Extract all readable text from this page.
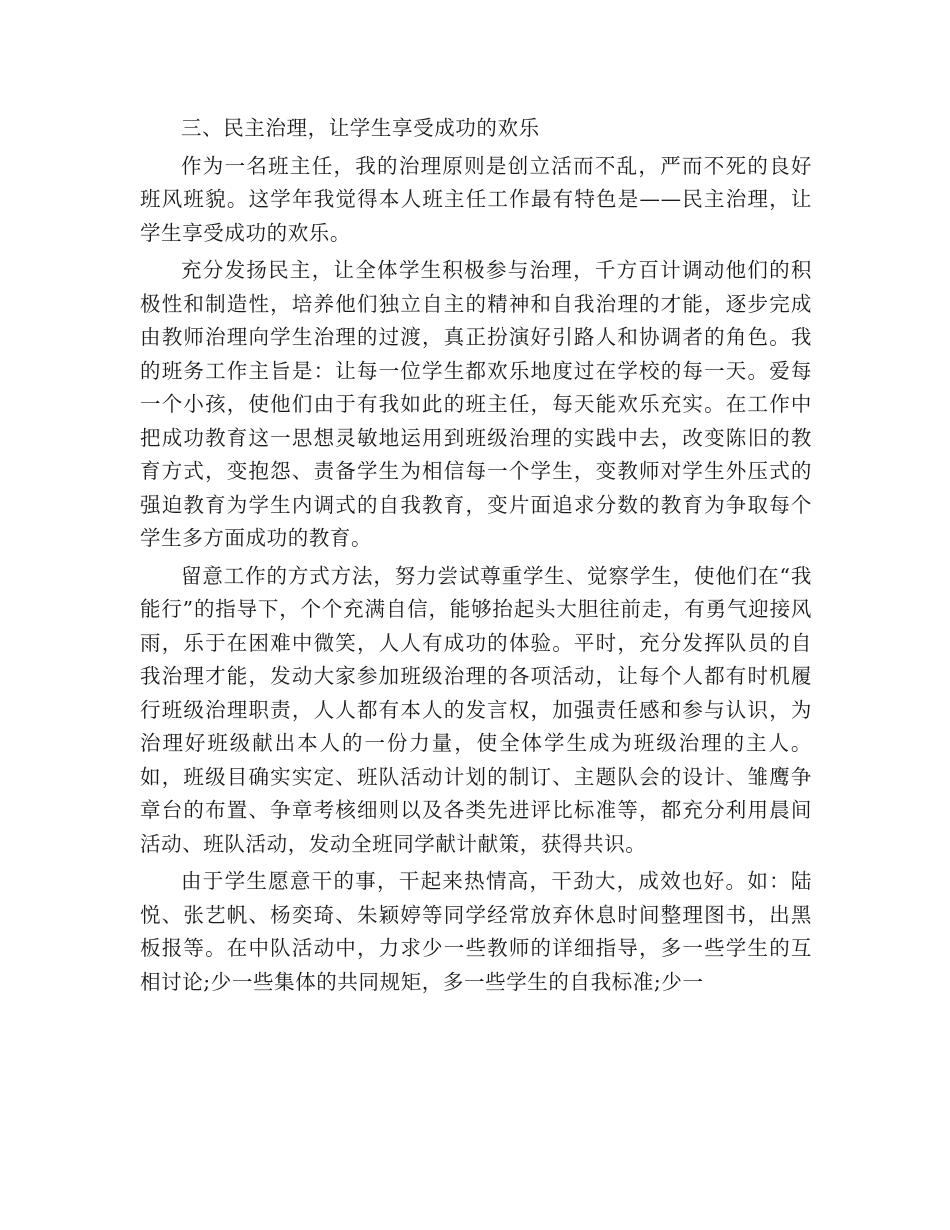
三、民主治理，让学生享受成功的欢乐

作为一名班主任，我的治理原则是创立活而不乱，严而不死的良好班风班貌。这学年我觉得本人班主任工作最有特色是——民主治理，让学生享受成功的欢乐。

充分发扬民主，让全体学生积极参与治理，千方百计调动他们的积极性和制造性，培养他们独立自主的精神和自我治理的才能，逐步完成由教师治理向学生治理的过渡，真正扮演好引路人和协调者的角色。我的班务工作主旨是：让每一位学生都欢乐地度过在学校的每一天。爱每一个小孩，使他们由于有我如此的班主任，每天能欢乐充实。在工作中把成功教育这一思想灵敏地运用到班级治理的实践中去，改变陈旧的教育方式，变抱怨、责备学生为相信每一个学生，变教师对学生外压式的强迫教育为学生内调式的自我教育，变片面追求分数的教育为争取每个学生多方面成功的教育。

留意工作的方式方法，努力尝试尊重学生、觉察学生，使他们在“我能行”的指导下，个个充满自信，能够抬起头大胆往前走，有勇气迎接风雨，乐于在困难中微笑，人人有成功的体验。平时，充分发挥队员的自我治理才能，发动大家参加班级治理的各项活动，让每个人都有时机履行班级治理职责，人人都有本人的发言权，加强责任感和参与认识，为治理好班级献出本人的一份力量，使全体学生成为班级治理的主人。如，班级目确实实定、班队活动计划的制订、主题队会的设计、雏鹰争章台的布置、争章考核细则以及各类先进评比标准等，都充分利用晨间活动、班队活动，发动全班同学献计献策，获得共识。

由于学生愿意干的事，干起来热情高，干劲大，成效也好。如：陆悦、张艺帆、杨奕琦、朱颖婷等同学经常放弃休息时间整理图书，出黑板报等。在中队活动中，力求少一些教师的详细指导，多一些学生的互相讨论;少一些集体的共同规矩，多一些学生的自我标准;少一
